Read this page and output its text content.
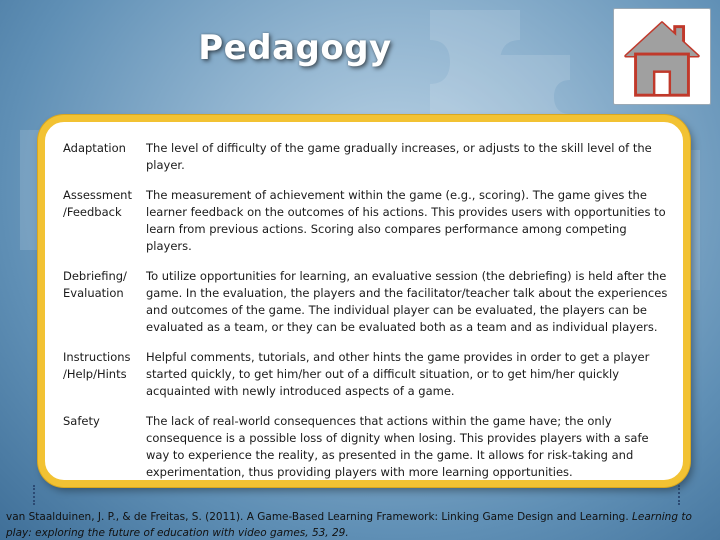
Pedagogy
Adaptation	The level of difficulty of the game gradually increases, or adjusts to the skill level of the player.
Assessment /Feedback	The measurement of achievement within the game (e.g., scoring). The game gives the learner feedback on the outcomes of his actions. This provides users with opportunities to learn from previous actions. Scoring also compares performance among competing players.
Debriefing/ Evaluation	To utilize opportunities for learning, an evaluative session (the debriefing) is held after the game. In the evaluation, the players and the facilitator/teacher talk about the experiences and outcomes of the game. The individual player can be evaluated, the players can be evaluated as a team, or they can be evaluated both as a team and as individual players.
Instructions /Help/Hints	Helpful comments, tutorials, and other hints the game provides in order to get a player started quickly, to get him/her out of a difficult situation, or to get him/her quickly acquainted with newly introduced aspects of a game.
Safety	The lack of real-world consequences that actions within the game have; the only consequence is a possible loss of dignity when losing. This provides players with a safe way to experience the reality, as presented in the game. It allows for risk-taking and experimentation, thus providing players with more learning opportunities.
van Staalduinen, J. P., & de Freitas, S. (2011). A Game-Based Learning Framework: Linking Game Design and Learning. Learning to play: exploring the future of education with video games, 53, 29.
